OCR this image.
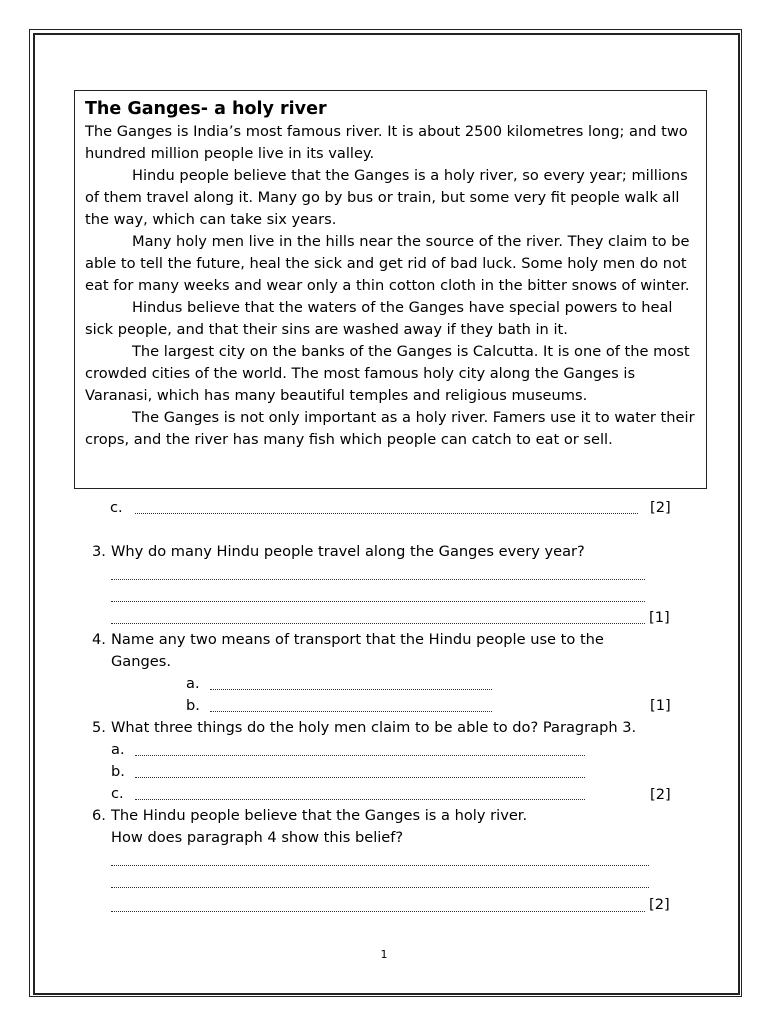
The Ganges- a holy river

The Ganges is India’s most famous river. It is about 2500 kilometres long; and two hundred million people live in its valley.

Hindu people believe that the Ganges is a holy river, so every year; millions of them travel along it. Many go by bus or train, but some very fit people walk all the way, which can take six years.

Many holy men live in the hills near the source of the river. They claim to be able to tell the future, heal the sick and get rid of bad luck. Some holy men do not eat for many weeks and wear only a thin cotton cloth in the bitter snows of winter.

Hindus believe that the waters of the Ganges have special powers to heal sick people, and that their sins are washed away if they bath in it.

The largest city on the banks of the Ganges is Calcutta. It is one of the most crowded cities of the world. The most famous holy city along the Ganges is Varanasi, which has many beautiful temples and religious museums.

The Ganges is not only important as a holy river. Famers use it to water their crops, and the river has many fish which people can catch to eat or sell.

c.	[2]
3. Why do many Hindu people travel along the Ganges every year?
[1]
4. Name any two means of transport that the Hindu people use to the
Ganges.
a.
b.	[1]
5. What three things do the holy men claim to be able to do? Paragraph 3.
a.
b.
c.	[2]
6. The Hindu people believe that the Ganges is a holy river.
How does paragraph 4 show this belief?
[2]
1
